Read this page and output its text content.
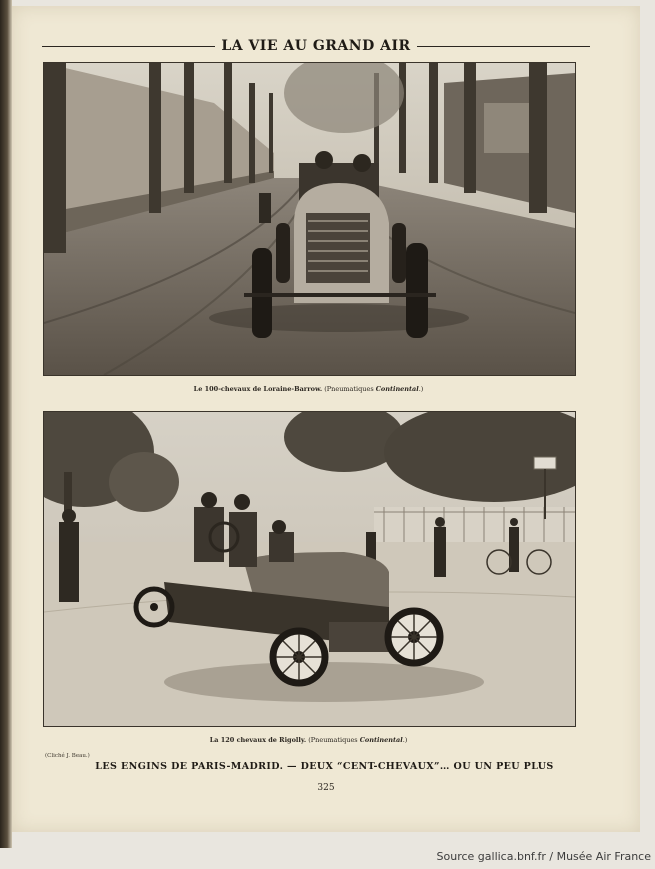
LA VIE AU GRAND AIR
Le 100-chevaux de Loraine-Barrow. (Pneumatiques Continental.)
La 120 chevaux de Rigolly. (Pneumatiques Continental.)
(Cliché J. Beau.)
LES ENGINS DE PARIS-MADRID. — DEUX “CENT-CHEVAUX”… OU UN PEU PLUS
325
Source gallica.bnf.fr / Musée Air France
